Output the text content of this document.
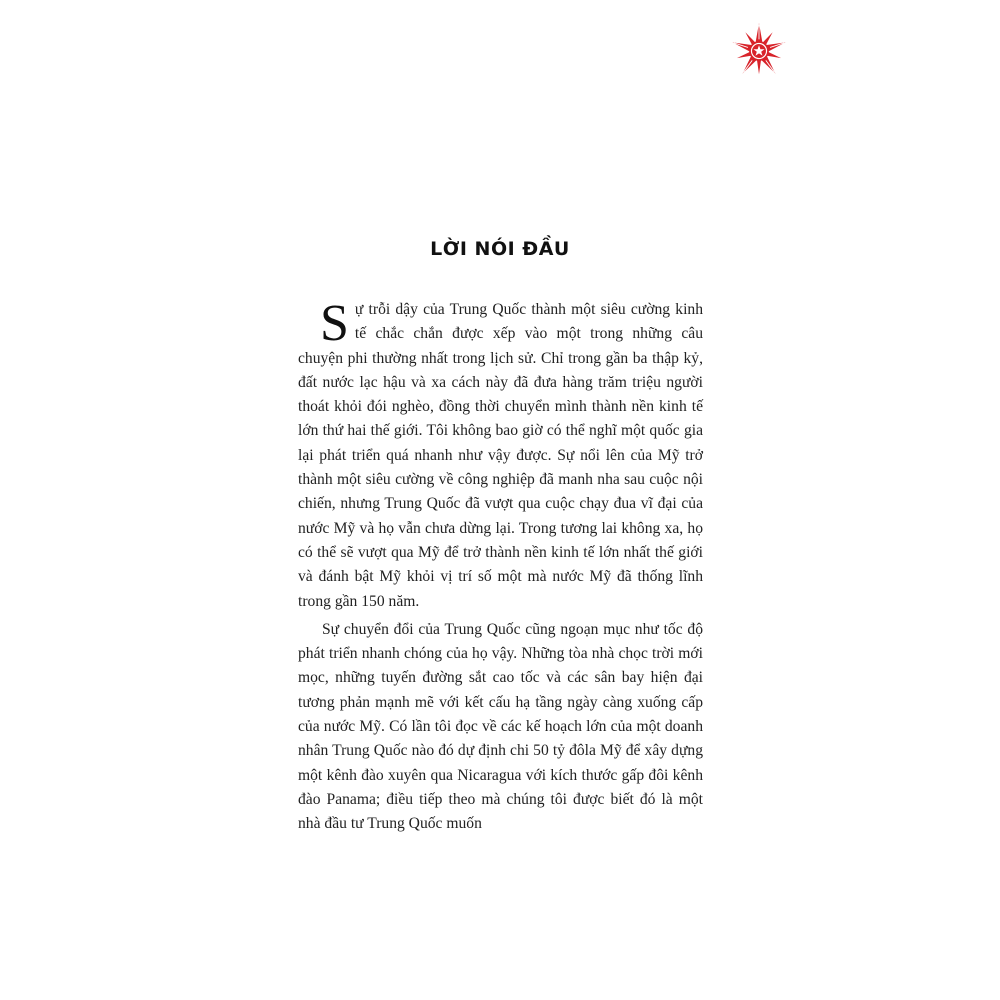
LỜI NÓI ĐẦU

Sự trỗi dậy của Trung Quốc thành một siêu cường kinh tế chắc chắn được xếp vào một trong những câu chuyện phi thường nhất trong lịch sử. Chỉ trong gần ba thập kỷ, đất nước lạc hậu và xa cách này đã đưa hàng trăm triệu người thoát khỏi đói nghèo, đồng thời chuyển mình thành nền kinh tế lớn thứ hai thế giới. Tôi không bao giờ có thể nghĩ một quốc gia lại phát triển quá nhanh như vậy được. Sự nổi lên của Mỹ trở thành một siêu cường về công nghiệp đã manh nha sau cuộc nội chiến, nhưng Trung Quốc đã vượt qua cuộc chạy đua vĩ đại của nước Mỹ và họ vẫn chưa dừng lại. Trong tương lai không xa, họ có thể sẽ vượt qua Mỹ để trở thành nền kinh tế lớn nhất thế giới và đánh bật Mỹ khỏi vị trí số một mà nước Mỹ đã thống lĩnh trong gần 150 năm.

Sự chuyển đổi của Trung Quốc cũng ngoạn mục như tốc độ phát triển nhanh chóng của họ vậy. Những tòa nhà chọc trời mới mọc, những tuyến đường sắt cao tốc và các sân bay hiện đại tương phản mạnh mẽ với kết cấu hạ tầng ngày càng xuống cấp của nước Mỹ. Có lần tôi đọc về các kế hoạch lớn của một doanh nhân Trung Quốc nào đó dự định chi 50 tỷ đôla Mỹ để xây dựng một kênh đào xuyên qua Nicaragua với kích thước gấp đôi kênh đào Panama; điều tiếp theo mà chúng tôi được biết đó là một nhà đầu tư Trung Quốc muốn
